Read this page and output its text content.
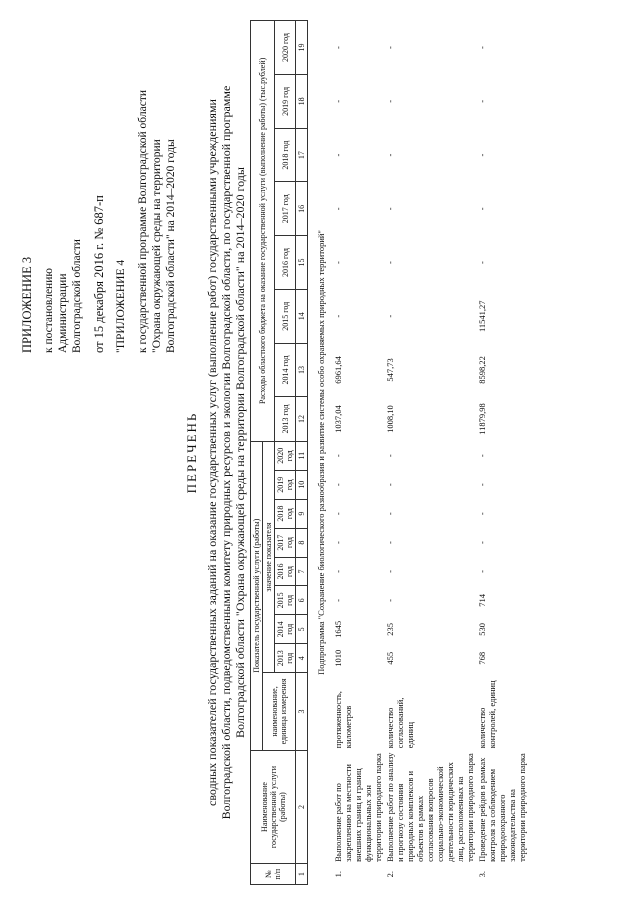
ПРИЛОЖЕНИЕ 3 к постановлению Администрации Волгоградской области от 15 декабря 2016 г. № 687-п "ПРИЛОЖЕНИЕ 4 к государственной программе Волгоградской области "Охрана окружающей среды на территории Волгоградской области" на 2014–2020 годы
ПЕРЕЧЕНЬ сводных показателей государственных заданий на оказание государственных услуг (выполнение работ) государственными учреждениями Волгоградской области, подведомственными комитету природных ресурсов и экологии Волгоградской области, по государственной программе Волгоградской области "Охрана окружающей среды на территории Волгоградской области" на 2014–2020 годы
№ п/п	Наименование государственной услуги (работы)	Показатель государственной услуги (работы)									Расходы областного бюджета на оказание государственной услуги (выполнение работы) (тыс.рублей)							
		наименование, единица измерения	значение показателя															
			2013 год	2014 год	2015 год	2016 год	2017 год	2018 год	2019 год	2020 год	2013 год	2014 год	2015 год	2016 год	2017 год	2018 год	2019 год	2020 год
1	2	3	4	5	6	7	8	9	10	11	12	13	14	15	16	17	18	19
Подпрограмма "Сохранение биологического разнообразия и развитие системы особо охраняемых природных территорий"																		
1.	Выполнение работ по закреплению на местности внешних границ и границ функциональных зон территории природного парка	протяженность, километров	1010	1645	-	-	-	-	-	-	1037,04	6961,64	-	-	-	-	-	-
2.	Выполнение работ по анализу и прогнозу состояния природных комплексов и объектов в рамках согласования вопросов социально-экономической деятельности юридических лиц, расположенных на территории природного парка	количество согласований, единиц	455	235	-	-	-	-	-	-	1008,10	547,73	-	-	-	-	-	-
3.	Проведение рейдов в рамках контроля за соблюдением природоохранного законодательства на территории природного парка	количество контролей, единиц	768	530	714	-	-	-	-	-	11879,98	8598,22	11541,27	-	-	-	-	-
